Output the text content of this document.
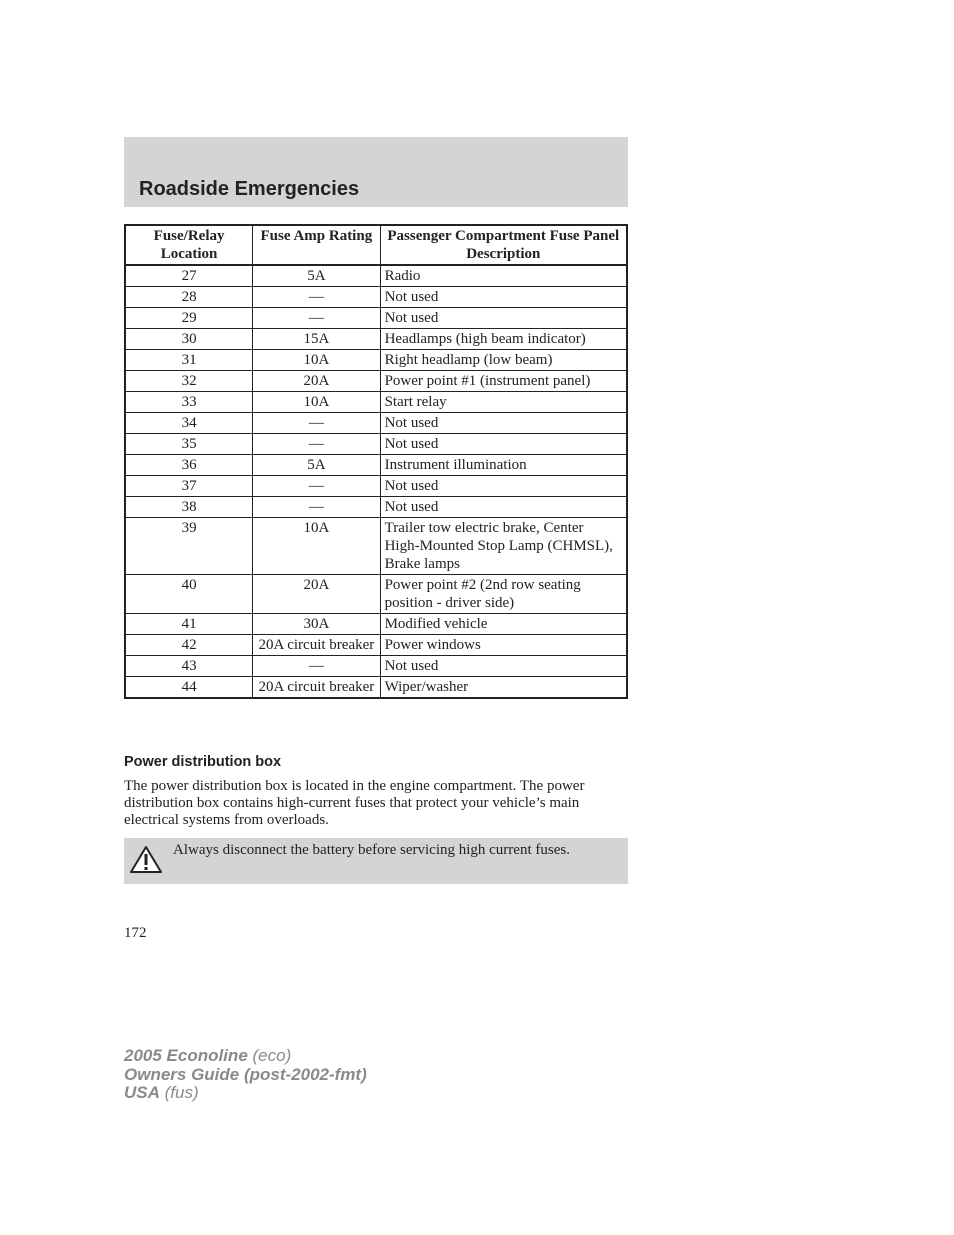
Roadside Emergencies
Fuse/Relay Location	Fuse Amp Rating	Passenger Compartment Fuse Panel Description
27	5A	Radio
28	—	Not used
29	—	Not used
30	15A	Headlamps (high beam indicator)
31	10A	Right headlamp (low beam)
32	20A	Power point #1 (instrument panel)
33	10A	Start relay
34	—	Not used
35	—	Not used
36	5A	Instrument illumination
37	—	Not used
38	—	Not used
39	10A	Trailer tow electric brake, Center High-Mounted Stop Lamp (CHMSL), Brake lamps
40	20A	Power point #2 (2nd row seating position - driver side)
41	30A	Modified vehicle
42	20A circuit breaker	Power windows
43	—	Not used
44	20A circuit breaker	Wiper/washer
Power distribution box
The power distribution box is located in the engine compartment. The power distribution box contains high-current fuses that protect your vehicle’s main electrical systems from overloads.
Always disconnect the battery before servicing high current fuses.
172
2005 Econoline (eco)
Owners Guide (post-2002-fmt)
USA (fus)
